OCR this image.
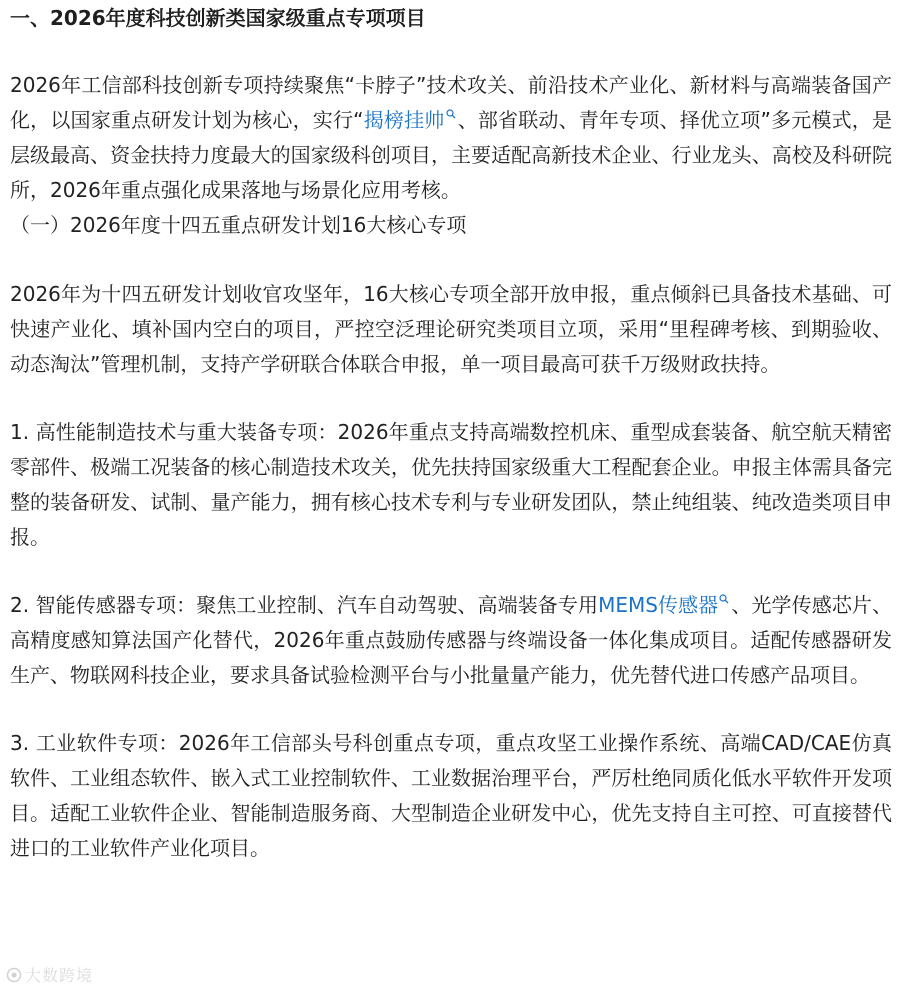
一、2026年度科技创新类国家级重点专项项目

2026年工信部科技创新专项持续聚焦“卡脖子”技术攻关、前沿技术产业化、新材料与高端装备国产化，以国家重点研发计划为核心，实行“揭榜挂帅 、部省联动、青年专项、择优立项”多元模式，是层级最高、资金扶持力度最大的国家级科创项目，主要适配高新技术企业、行业龙头、高校及科研院所，2026年重点强化成果落地与场景化应用考核。

（一）2026年度十四五重点研发计划16大核心专项

2026年为十四五研发计划收官攻坚年，16大核心专项全部开放申报，重点倾斜已具备技术基础、可快速产业化、填补国内空白的项目，严控空泛理论研究类项目立项，采用“里程碑考核、到期验收、动态淘汰”管理机制，支持产学研联合体联合申报，单一项目最高可获千万级财政扶持。

1. 高性能制造技术与重大装备专项：2026年重点支持高端数控机床、重型成套装备、航空航天精密零部件、极端工况装备的核心制造技术攻关，优先扶持国家级重大工程配套企业。申报主体需具备完整的装备研发、试制、量产能力，拥有核心技术专利与专业研发团队，禁止纯组装、纯改造类项目申报。

2. 智能传感器专项：聚焦工业控制、汽车自动驾驶、高端装备专用MEMS传感器 、光学传感芯片、高精度感知算法国产化替代，2026年重点鼓励传感器与终端设备一体化集成项目。适配传感器研发生产、物联网科技企业，要求具备试验检测平台与小批量量产能力，优先替代进口传感产品项目。

3. 工业软件专项：2026年工信部头号科创重点专项，重点攻坚工业操作系统、高端CAD/CAE仿真软件、工业组态软件、嵌入式工业控制软件、工业数据治理平台，严厉杜绝同质化低水平软件开发项目。适配工业软件企业、智能制造服务商、大型制造企业研发中心，优先支持自主可控、可直接替代进口的工业软件产业化项目。

大数跨境
